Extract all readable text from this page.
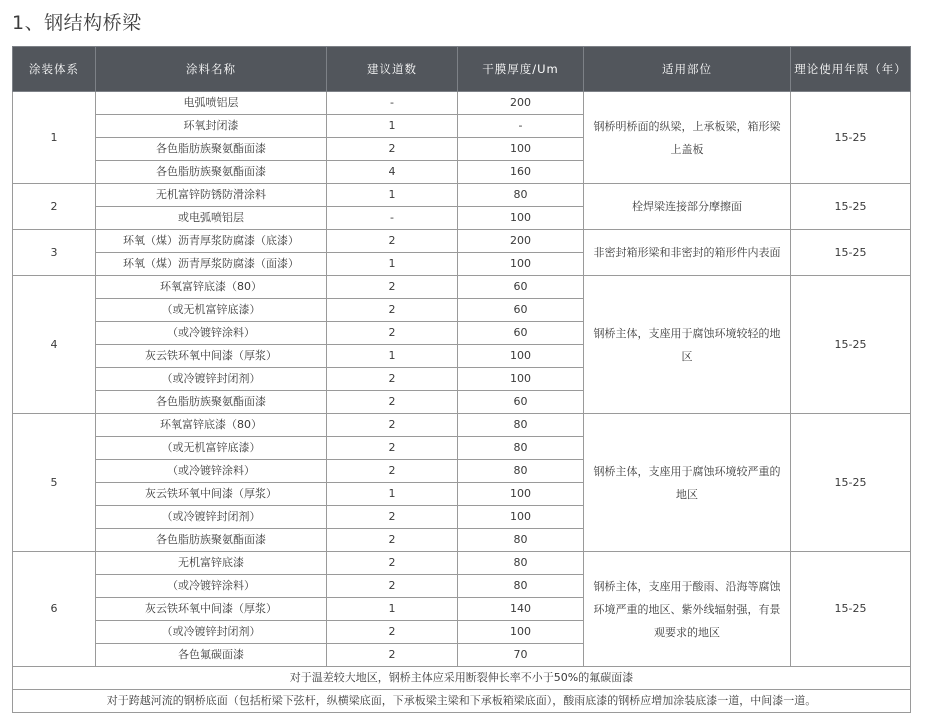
1、钢结构桥梁
涂装体系	涂料名称	建议道数	干膜厚度/Um	适用部位	理论使用年限（年）
1	电弧喷铝层	-	200	钢桥明桥面的纵梁，上承板梁，箱形梁上盖板	15-25
	环氧封闭漆	1	-		
	各色脂肪族聚氨酯面漆	2	100		
	各色脂肪族聚氨酯面漆	4	160		
2	无机富锌防锈防滑涂料	1	80	栓焊梁连接部分摩擦面	15-25
	或电弧喷铝层	-	100		
3	环氧（煤）沥青厚浆防腐漆（底漆）	2	200	非密封箱形梁和非密封的箱形件内表面	15-25
	环氧（煤）沥青厚浆防腐漆（面漆）	1	100		
4	环氧富锌底漆（80）	2	60	钢桥主体，支座用于腐蚀环境较轻的地区	15-25
	（或无机富锌底漆）	2	60		
	（或冷镀锌涂料）	2	60		
	灰云铁环氧中间漆（厚浆）	1	100		
	（或冷镀锌封闭剂）	2	100		
	各色脂肪族聚氨酯面漆	2	60		
5	环氧富锌底漆（80）	2	80	钢桥主体，支座用于腐蚀环境较严重的地区	15-25
	（或无机富锌底漆）	2	80		
	（或冷镀锌涂料）	2	80		
	灰云铁环氧中间漆（厚浆）	1	100		
	（或冷镀锌封闭剂）	2	100		
	各色脂肪族聚氨酯面漆	2	80		
6	无机富锌底漆	2	80	钢桥主体，支座用于酸雨、沿海等腐蚀环境严重的地区、紫外线辐射强，有景观要求的地区	15-25
	（或冷镀锌涂料）	2	80		
	灰云铁环氧中间漆（厚浆）	1	140		
	（或冷镀锌封闭剂）	2	100		
	各色氟碳面漆	2	70		
对于温差较大地区，钢桥主体应采用断裂伸长率不小于50%的氟碳面漆					
对于跨越河流的钢桥底面（包括桁梁下弦杆，纵横梁底面，下承板梁主梁和下承板箱梁底面），酸雨底漆的钢桥应增加涂装底漆一道，中间漆一道。					
